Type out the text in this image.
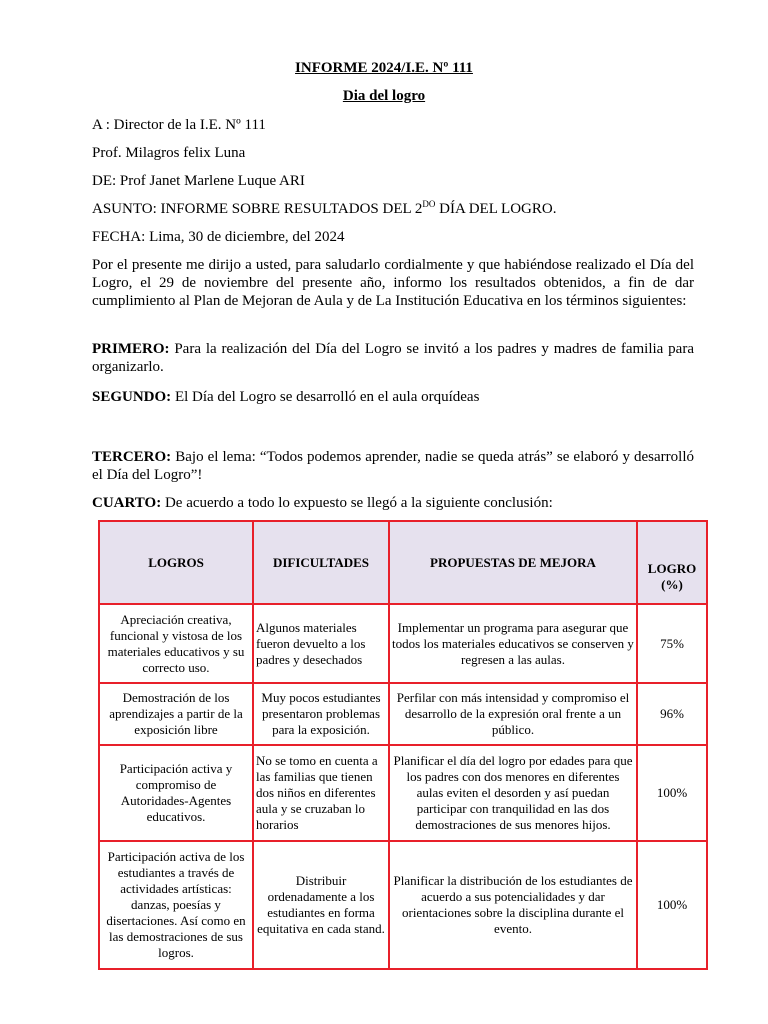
INFORME 2024/I.E. Nº 111

Dia del logro

A : Director de la I.E. Nº 111

Prof. Milagros felix Luna

DE: Prof Janet Marlene Luque ARI

ASUNTO: INFORME SOBRE RESULTADOS DEL $2^{DO}$ DÍA DEL LOGRO.

FECHA: Lima, 30 de diciembre, del 2024

Por el presente me dirijo a usted, para saludarlo cordialmente y que habiéndose realizado el Día del Logro, el 29 de noviembre del presente año, informo los resultados obtenidos, a fin de dar cumplimiento al Plan de Mejoran de Aula y de La Institución Educativa en los términos siguientes:

PRIMERO: Para la realización del Día del Logro se invitó a los padres y madres de familia para organizarlo.

SEGUNDO: El Día del Logro se desarrolló en el aula orquídeas

TERCERO: Bajo el lema: “Todos podemos aprender, nadie se queda atrás” se elaboró y desarrolló el Día del Logro”!

CUARTO: De acuerdo a todo lo expuesto se llegó a la siguiente conclusión:

LOGROS	DIFICULTADES	PROPUESTAS DE MEJORA	LOGRO (%)
Apreciación creativa, funcional y vistosa de los materiales educativos y su correcto uso.	Algunos materiales fueron devuelto a los padres y desechados	Implementar un programa para asegurar que todos los materiales educativos se conserven y regresen a las aulas.	75%
Demostración de los aprendizajes a partir de la exposición libre	Muy pocos estudiantes presentaron problemas para la exposición.	Perfilar con más intensidad y compromiso el desarrollo de la expresión oral frente a un público.	96%
Participación activa y compromiso de Autoridades-Agentes educativos.	No se tomo en cuenta a las familias que tienen dos niños en diferentes aula y se cruzaban lo horarios	Planificar el día del logro por edades para que los padres con dos menores en diferentes aulas eviten el desorden y así puedan participar con tranquilidad en las dos demostraciones de sus menores hijos.	100%
Participación activa de los estudiantes a través de actividades artísticas: danzas, poesías y disertaciones. Así como en las demostraciones de sus logros.	Distribuir ordenadamente a los estudiantes en forma equitativa en cada stand.	Planificar la distribución de los estudiantes de acuerdo a sus potencialidades y dar orientaciones sobre la disciplina durante el evento.	100%
